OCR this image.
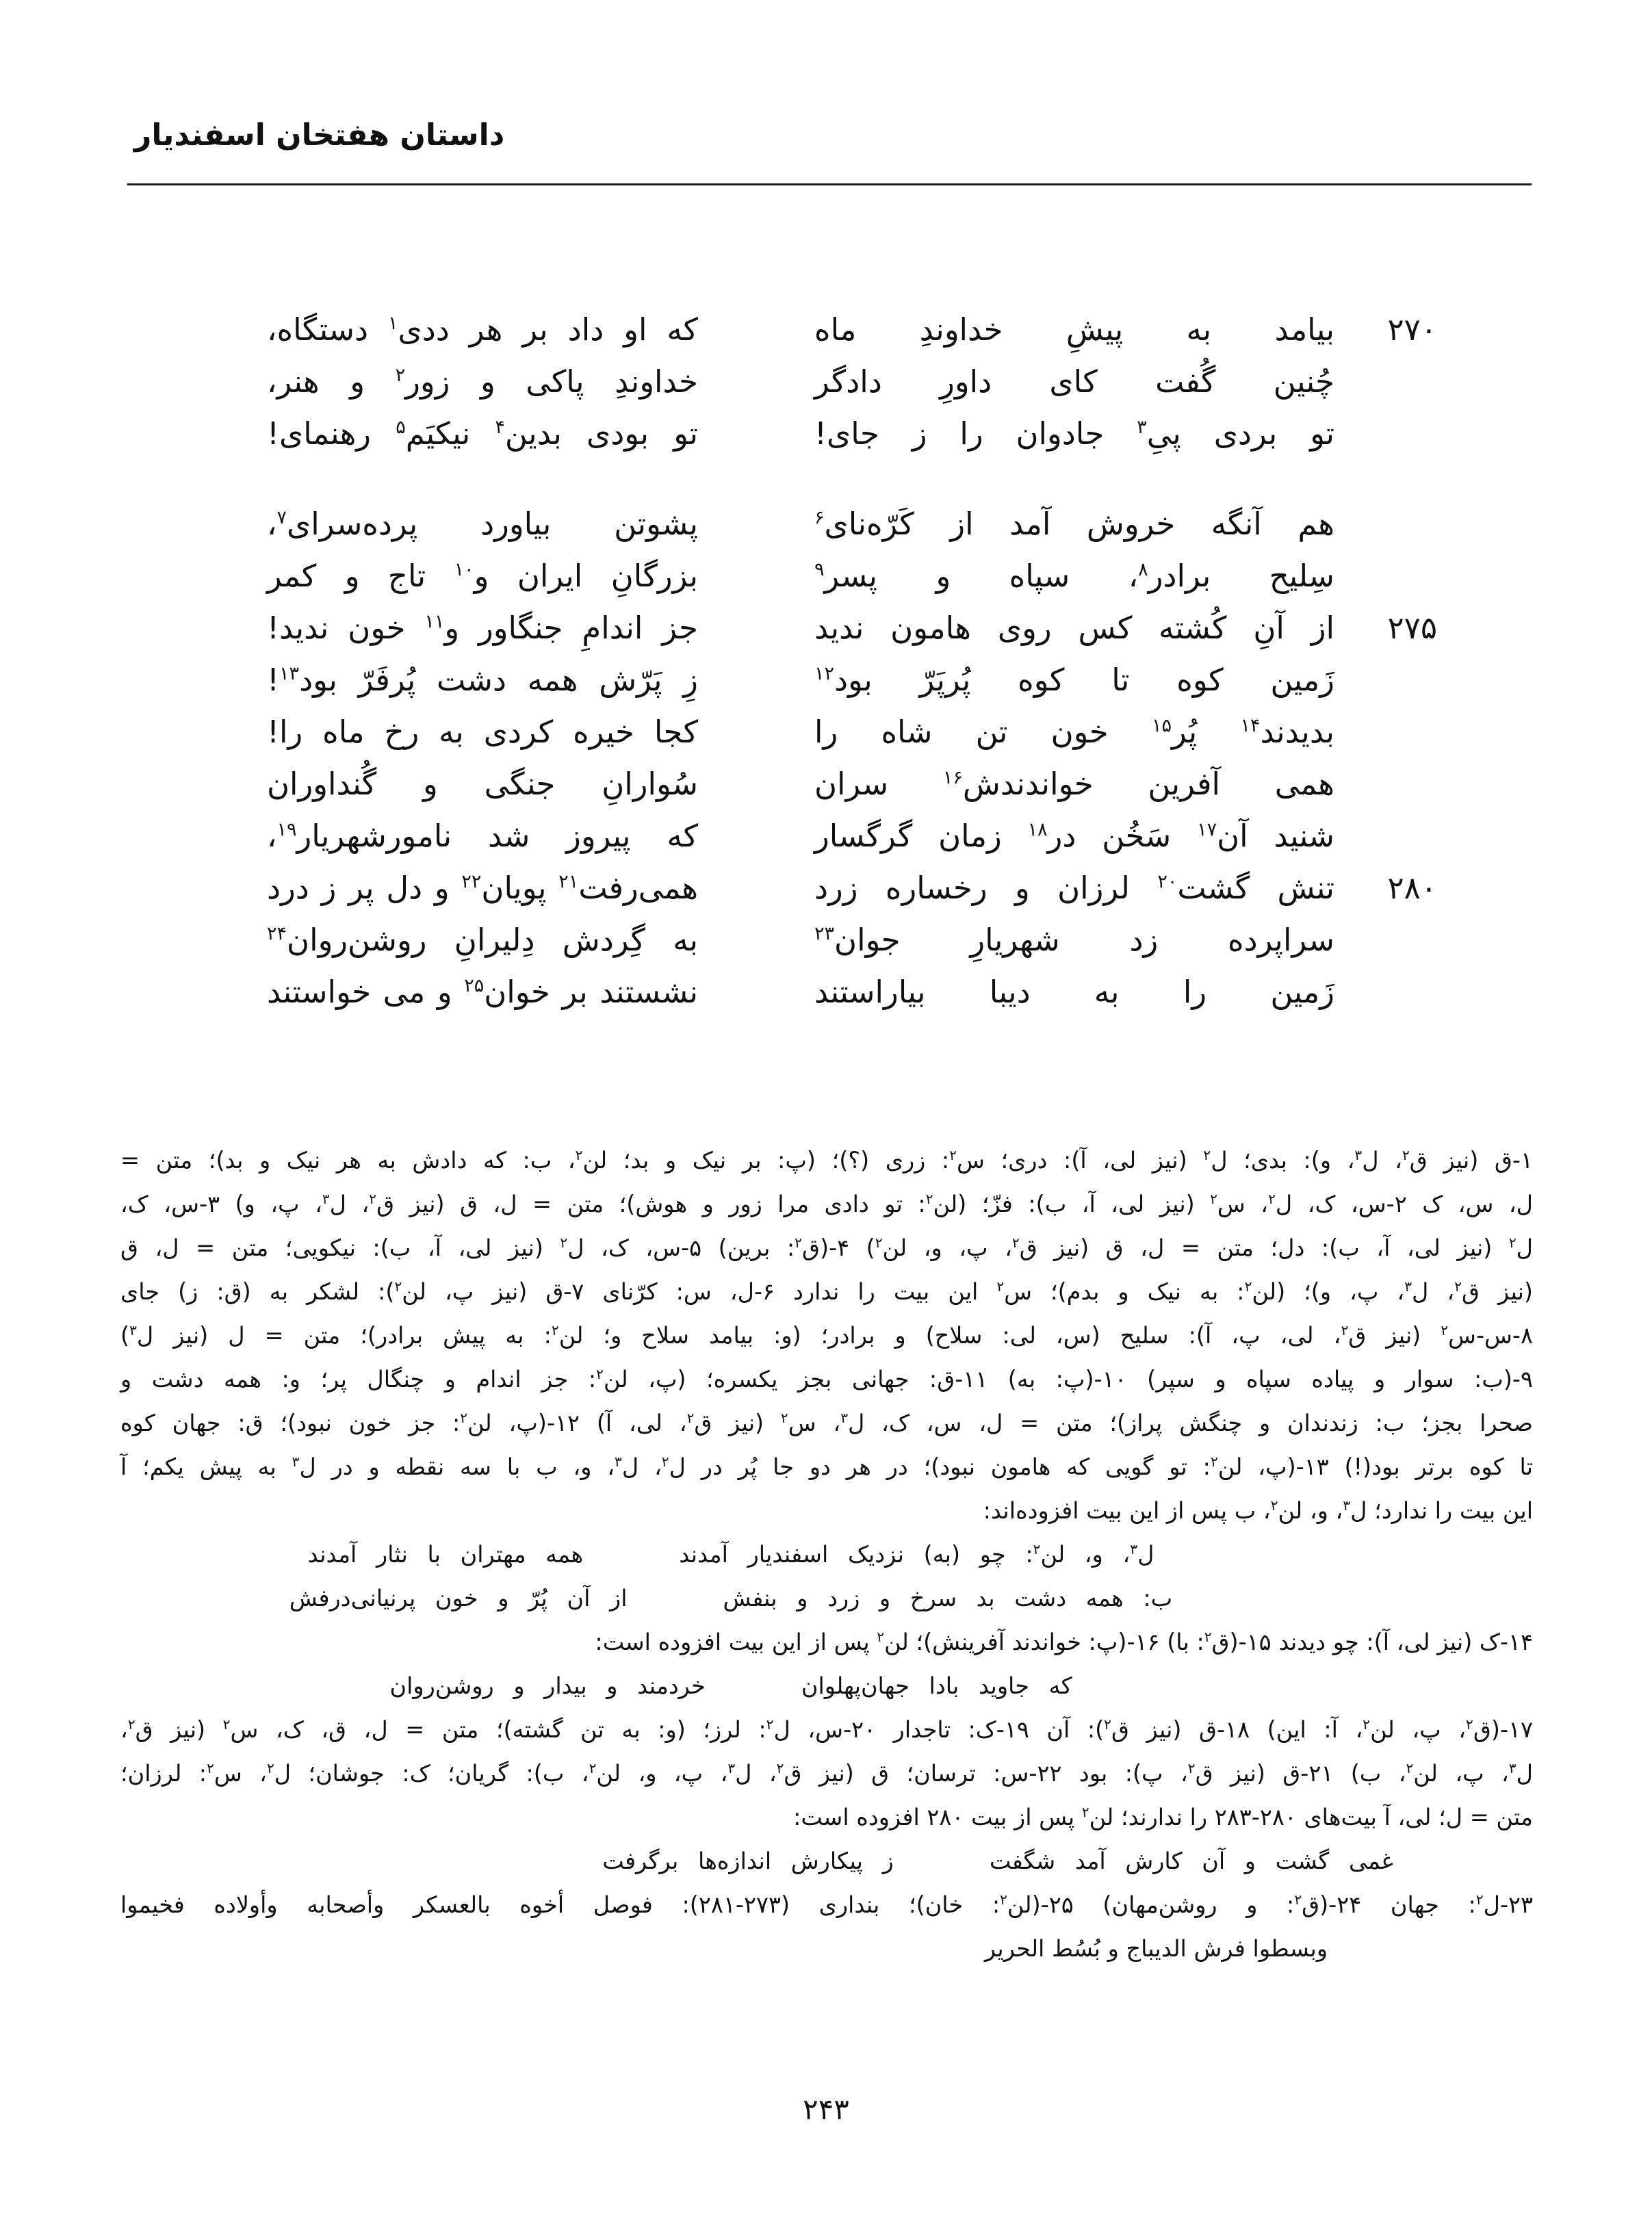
داستان هفتخان اسفندیار
۲۷۰
بیامد به پیشِ خداوندِ ماه
که او داد بر هر ددی$^۱$ دستگاه،
چُنین گُفت کای داورِ دادگر
خداوندِ پاکی و زور$^۲$ و هنر،
تو بردی پیِ$^۳$ جادوان را ز جای!
تو بودی بدین$^۴$ نیکیَم$^۵$ رهنمای!
هم آنگه خروش آمد از کَرّه‌نای$^۶$
پشوتن بیاورد پرده‌سرای$^۷$،
سِلیح برادر$^۸$، سپاه و پسر$^۹$
بزرگانِ ایران و$^{۱۰}$ تاج و کمر
۲۷۵
از آنِ کُشته کس روی هامون ندید
جز اندامِ جنگاور و$^{۱۱}$ خون ندید!
زَمین کوه تا کوه پُرپَرّ بود$^{۱۲}$
زِ پَرّش همه دشت پُرفَرّ بود$^{۱۳}$!
بدیدند$^{۱۴}$ پُر$^{۱۵}$ خون تن شاه را
کجا خیره کردی به رخ ماه را!
همی آفرین خواندندش$^{۱۶}$ سران
سُوارانِ جنگی و گُنداوران
شنید آن$^{۱۷}$ سَخُن در$^{۱۸}$ زمان گرگسار
که پیروز شد نامورشهریار$^{۱۹}$،
۲۸۰
تنش گشت$^{۲۰}$ لرزان و رخساره زرد
همی‌رفت$^{۲۱}$ پویان$^{۲۲}$ و دل پر ز درد
سراپرده زد شهریارِ جوان$^{۲۳}$
به گِردش دِلیرانِ روشن‌روان$^{۲۴}$
زَمین را به دیبا بیاراستند
نشستند بر خوان$^{۲۵}$ و می خواستند
۱-ق (نیز ق$^۲$، ل$^۳$، و): بدی؛ ل$^۲$ (نیز لی، آ): دری؛ س$^۲$: زری (؟)؛ (پ: بر نیک و بد؛ لن$^۲$، ب: که دادش به هر نیک و بد)؛ متن =
ل، س، ک ۲-س، ک، ل$^۲$، س$^۲$ (نیز لی، آ، ب): فزّ؛ (لن$^۲$: تو دادی مرا زور و هوش)؛ متن = ل، ق (نیز ق$^۲$، ل$^۳$، پ، و) ۳-س، ک،
ل$^۲$ (نیز لی، آ، ب): دل؛ متن = ل، ق (نیز ق$^۲$، پ، و، لن$^۲$) ۴-(ق$^۲$: برین) ۵-س، ک، ل$^۲$ (نیز لی، آ، ب): نیکویی؛ متن = ل، ق
(نیز ق$^۲$، ل$^۳$، پ، و)؛ (لن$^۲$: به نیک و بدم)؛ س$^۲$ این بیت را ندارد ۶-ل، س: کرّنای ۷-ق (نیز پ، لن$^۲$): لشکر به (ق: ز) جای
۸-س-س$^۲$ (نیز ق$^۲$، لی، پ، آ): سلیح (س، لی: سلاح) و برادر؛ (و: بیامد سلاح و؛ لن$^۲$: به پیش برادر)؛ متن = ل (نیز ل$^۳$)
۹-(ب: سوار و پیاده سپاه و سپر) ۱۰-(پ: به) ۱۱-ق: جهانی بجز یکسره؛ (پ، لن$^۲$: جز اندام و چنگال پر؛ و: همه دشت و
صحرا بجز؛ ب: زندندان و چنگش پراز)؛ متن = ل، س، ک، ل$^۳$، س$^۲$ (نیز ق$^۲$، لی، آ) ۱۲-(پ، لن$^۲$: جز خون نبود)؛ ق: جهان کوه
تا کوه برتر بود(!) ۱۳-(پ، لن$^۲$: تو گویی که هامون نبود)؛ در هر دو جا پُر در ل$^۲$، ل$^۳$، و، ب با سه نقطه و در ل$^۳$ به پیش یکم؛ آ
این بیت را ندارد؛ ل$^۳$، و، لن$^۲$، ب پس از این بیت افزوده‌اند:
ل$^۳$، و، لن$^۲$: چو (به) نزدیک اسفندیار آمدند
همه مهتران با نثار آمدند
ب: همه دشت بد سرخ و زرد و بنفش
از آن پُرّ و خون پرنیانی‌درفش
۱۴-ک (نیز لی، آ): چو دیدند ۱۵-(ق$^۲$: با) ۱۶-(پ: خواندند آفرینش)؛ لن$^۲$ پس از این بیت افزوده است:
که جاوید بادا جهان‌پهلوان
خردمند و بیدار و روشن‌روان
۱۷-(ق$^۲$، پ، لن$^۲$، آ: این) ۱۸-ق (نیز ق$^۲$): آن ۱۹-ک: تاجدار ۲۰-س، ل$^۲$: لرز؛ (و: به تن گشته)؛ متن = ل، ق، ک، س$^۲$ (نیز ق$^۲$،
ل$^۳$، پ، لن$^۲$، ب) ۲۱-ق (نیز ق$^۲$، پ): بود ۲۲-س: ترسان؛ ق (نیز ق$^۲$، ل$^۳$، پ، و، لن$^۲$، ب): گریان؛ ک: جوشان؛ ل$^۲$، س$^۲$: لرزان؛
متن = ل؛ لی، آ بیت‌های ۲۸۰-۲۸۳ را ندارند؛ لن$^۲$ پس از بیت ۲۸۰ افزوده است:
غمی گشت و آن کارش آمد شگفت
ز پیکارش اندازه‌ها برگرفت
۲۳-ل$^۲$: جهان ۲۴-(ق$^۲$: و روشن‌مهان) ۲۵-(لن$^۲$: خان)؛ بنداری (۲۷۳-۲۸۱): فوصل أخوه بالعسکر وأصحابه وأولاده فخیموا
وبسطوا فرش الدیباج و بُسُط الحریر
۲۴۳
